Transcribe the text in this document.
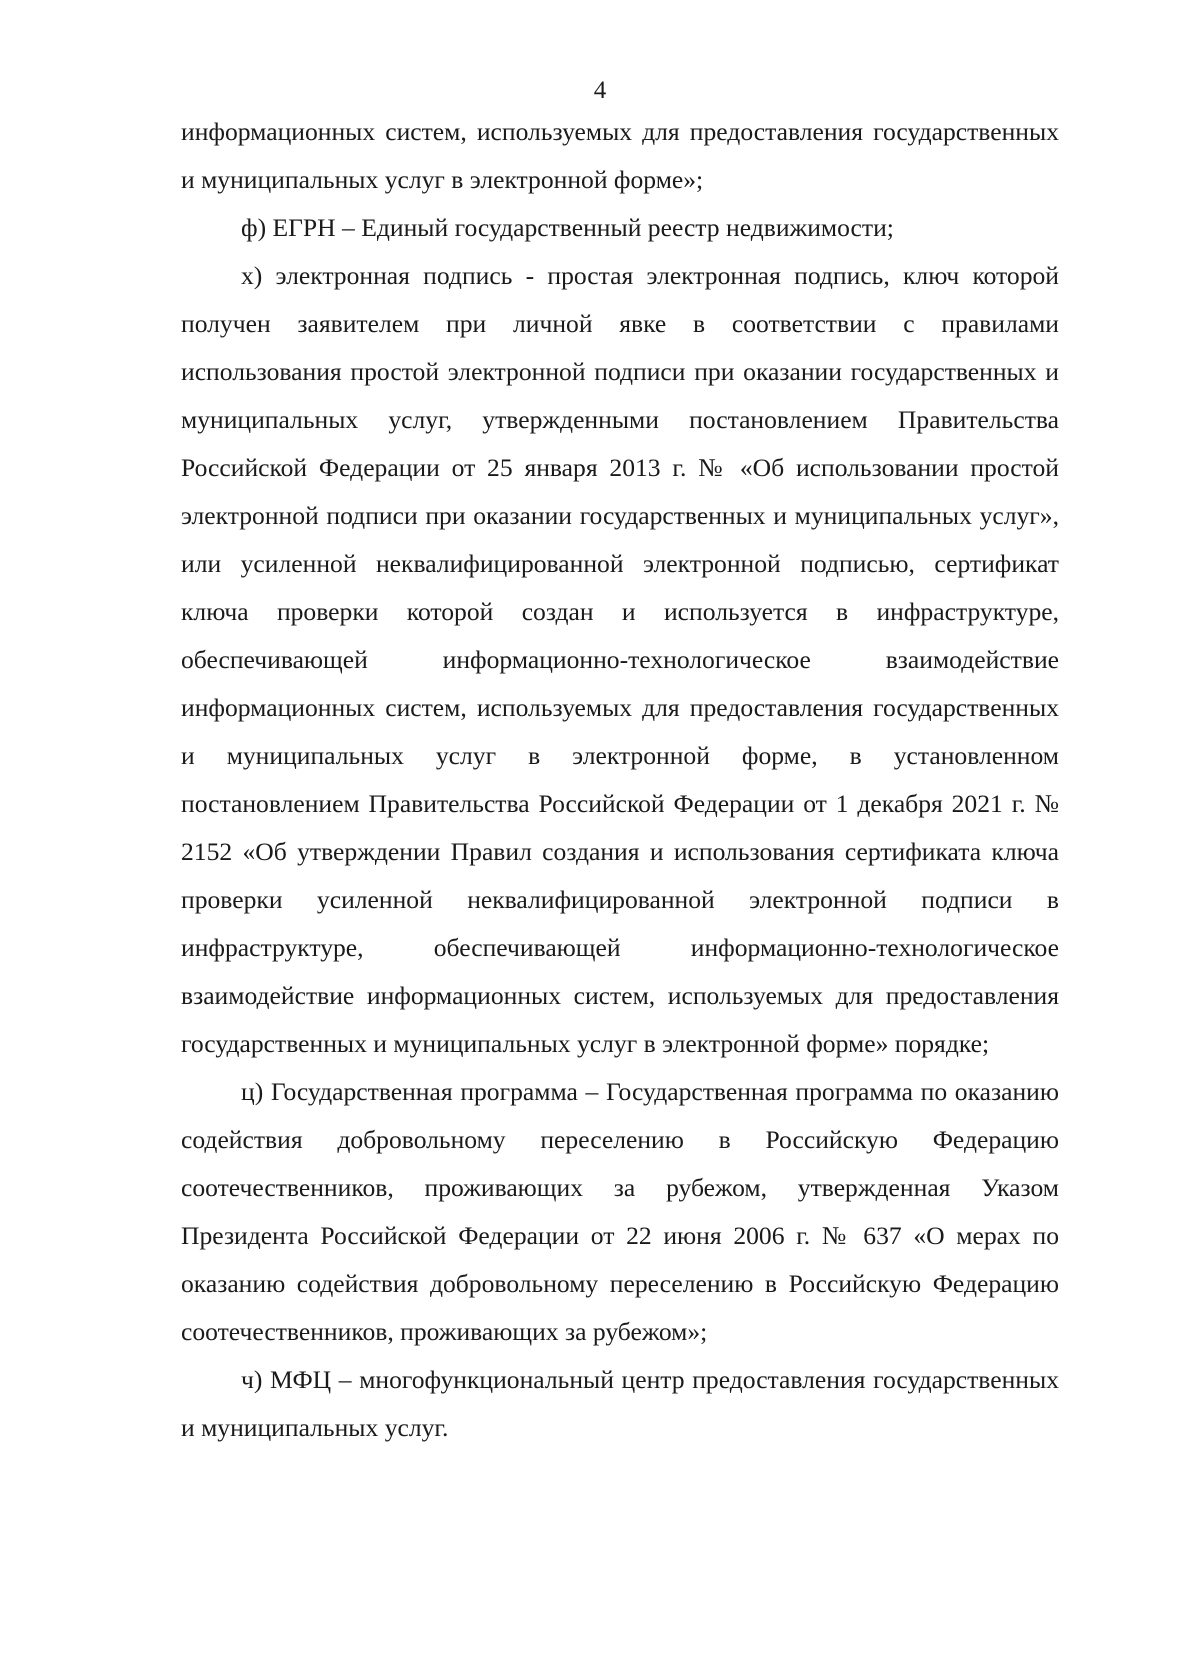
4

информационных систем, используемых для предоставления государственных и муниципальных услуг в электронной форме»;

ф) ЕГРН – Единый государственный реестр недвижимости;

х) электронная подпись - простая электронная подпись, ключ которой получен заявителем при личной явке в соответствии с правилами использования простой электронной подписи при оказании государственных и муниципальных услуг, утвержденными постановлением Правительства Российской Федерации от 25 января 2013 г. № «Об использовании простой электронной подписи при оказании государственных и муниципальных услуг», или усиленной неквалифицированной электронной подписью, сертификат ключа проверки которой создан и используется в инфраструктуре, обеспечивающей информационно-технологическое взаимодействие информационных систем, используемых для предоставления государственных и муниципальных услуг в электронной форме, в установленном постановлением Правительства Российской Федерации от 1 декабря 2021 г. № 2152 «Об утверждении Правил создания и использования сертификата ключа проверки усиленной неквалифицированной электронной подписи в инфраструктуре, обеспечивающей информационно-технологическое взаимодействие информационных систем, используемых для предоставления государственных и муниципальных услуг в электронной форме» порядке;

ц) Государственная программа – Государственная программа по оказанию содействия добровольному переселению в Российскую Федерацию соотечественников, проживающих за рубежом, утвержденная Указом Президента Российской Федерации от 22 июня 2006 г. № 637 «О мерах по оказанию содействия добровольному переселению в Российскую Федерацию соотечественников, проживающих за рубежом»;

ч) МФЦ – многофункциональный центр предоставления государственных и муниципальных услуг.
